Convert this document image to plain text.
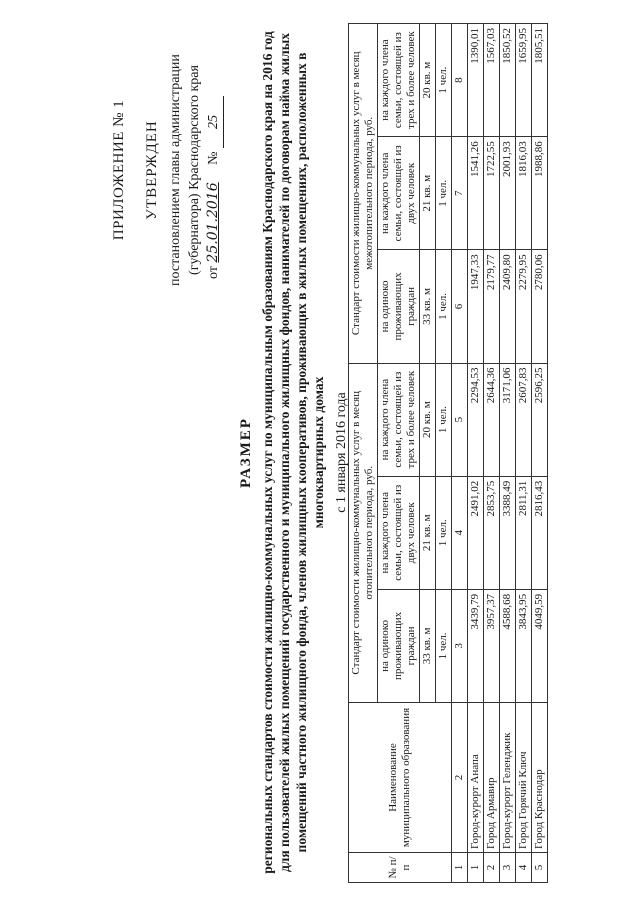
ПРИЛОЖЕНИЕ № 1 УТВЕРЖДЕН постановлением главы администрации (губернатора) Краснодарского края от 25.01.2016     № 25
РАЗМЕР региональных стандартов стоимости жилищно-коммунальных услуг по муниципальным образованиям Краснодарского края на 2016 год для пользователей жилых помещений государственного и муниципального жилищных фондов, нанимателей по договорам найма жилых помещений частного жилищного фонда, членов жилищных кооперативов, проживающих в жилых помещениях, расположенных в многоквартирных домах с 1 января 2016 года
№ п/п	Наименование муниципального образования	Стандарт стоимости жилищно-коммунальных услуг в месяц отопительного периода, руб.			Стандарт стоимости жилищно-коммунальных услуг в месяц межотопительного периода, руб.		
		на одиноко проживающих граждан	на каждого члена семьи, состоящей из двух человек	на каждого члена семьи, состоящей из трех и более человек	на одиноко проживающих граждан	на каждого члена семьи, состоящей из двух человек	на каждого члена семьи, состоящей из трех и более человек
		33 кв. м	21 кв. м	20 кв. м	33 кв. м	21 кв. м	20 кв. м
		1 чел.	1 чел.	1 чел.	1 чел.	1 чел.	1 чел.
1	2	3	4	5	6	7	8
1	Город-курорт Анапа	3439,79	2491,02	2294,53	1947,33	1541,26	1390,01
2	Город Армавир	3957,37	2853,75	2644,36	2179,77	1722,55	1567,03
3	Город-курорт Геленджик	4588,68	3388,49	3171,06	2409,80	2001,93	1850,52
4	Город Горячий Ключ	3843,95	2811,31	2607,83	2279,95	1816,03	1659,95
5	Город Краснодар	4049,59	2816,43	2596,25	2780,06	1988,86	1805,51
